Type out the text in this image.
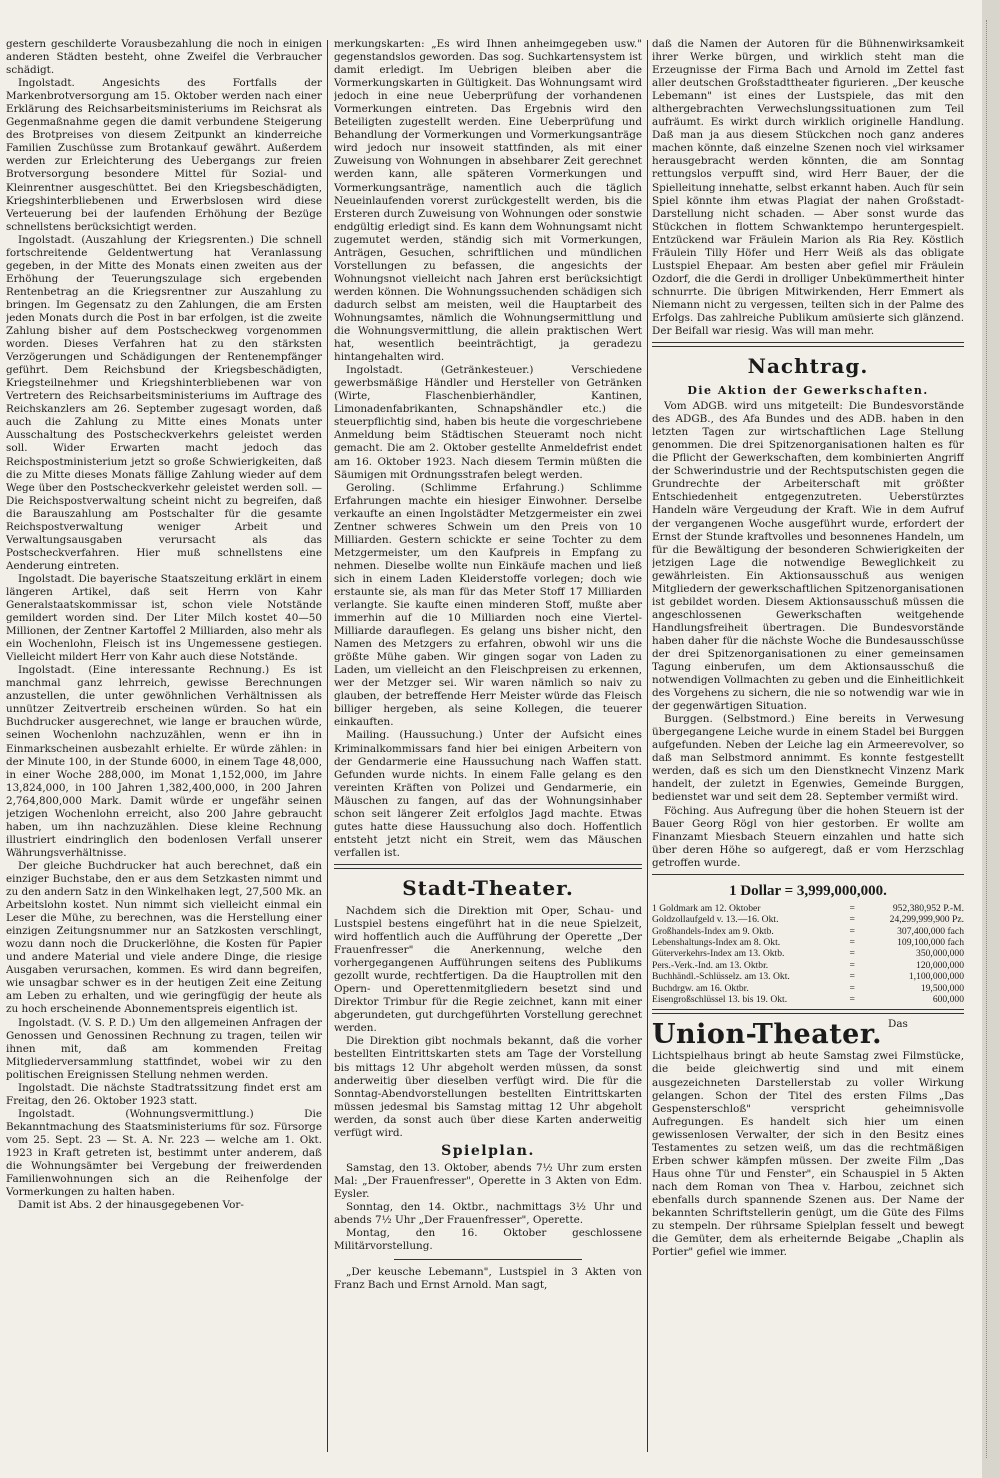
gestern geschilderte Vorausbezahlung die noch in einigen anderen Städten besteht, ohne Zweifel die Verbraucher schädigt.

Ingolstadt. Angesichts des Fortfalls der Markenbrotversorgung am 15. Oktober werden nach einer Erklärung des Reichsarbeitsministeriums im Reichsrat als Gegenmaßnahme gegen die damit verbundene Steigerung des Brotpreises von diesem Zeitpunkt an kinderreiche Familien Zuschüsse zum Brotankauf gewährt. Außerdem werden zur Erleichterung des Uebergangs zur freien Brotversorgung besondere Mittel für Sozial- und Kleinrentner ausgeschüttet. Bei den Kriegsbeschädigten, Kriegshinterbliebenen und Erwerbslosen wird diese Verteuerung bei der laufenden Erhöhung der Bezüge schnellstens berücksichtigt werden.

Ingolstadt. (Auszahlung der Kriegsrenten.) Die schnell fortschreitende Geldentwertung hat Veranlassung gegeben, in der Mitte des Monats einen zweiten aus der Erhöhung der Teuerungszulage sich ergebenden Rentenbetrag an die Kriegsrentner zur Auszahlung zu bringen. Im Gegensatz zu den Zahlungen, die am Ersten jeden Monats durch die Post in bar erfolgen, ist die zweite Zahlung bisher auf dem Postscheckweg vorgenommen worden. Dieses Verfahren hat zu den stärksten Verzögerungen und Schädigungen der Rentenempfänger geführt. Dem Reichsbund der Kriegsbeschädigten, Kriegsteilnehmer und Kriegshinterbliebenen war von Vertretern des Reichsarbeitsministeriums im Auftrage des Reichskanzlers am 26. September zugesagt worden, daß auch die Zahlung zu Mitte eines Monats unter Ausschaltung des Postscheckverkehrs geleistet werden soll. Wider Erwarten macht jedoch das Reichspostministerium jetzt so große Schwierigkeiten, daß die zu Mitte dieses Monats fällige Zahlung wieder auf dem Wege über den Postscheckverkehr geleistet werden soll. — Die Reichspostverwaltung scheint nicht zu begreifen, daß die Barauszahlung am Postschalter für die gesamte Reichspostverwaltung weniger Arbeit und Verwaltungsausgaben verursacht als das Postscheckverfahren. Hier muß schnellstens eine Aenderung eintreten.

Ingolstadt. Die bayerische Staatszeitung erklärt in einem längeren Artikel, daß seit Herrn von Kahr Generalstaatskommissar ist, schon viele Notstände gemildert worden sind. Der Liter Milch kostet 40—50 Millionen, der Zentner Kartoffel 2 Milliarden, also mehr als ein Wochenlohn, Fleisch ist ins Ungemessene gestiegen. Vielleicht mildert Herr von Kahr auch diese Notstände.

Ingolstadt. (Eine interessante Rechnung.) Es ist manchmal ganz lehrreich, gewisse Berechnungen anzustellen, die unter gewöhnlichen Verhältnissen als unnützer Zeitvertreib erscheinen würden. So hat ein Buchdrucker ausgerechnet, wie lange er brauchen würde, seinen Wochenlohn nachzuzählen, wenn er ihn in Einmarkscheinen ausbezahlt erhielte. Er würde zählen: in der Minute 100, in der Stunde 6000, in einem Tage 48,000, in einer Woche 288,000, im Monat 1,152,000, im Jahre 13,824,000, in 100 Jahren 1,382,400,000, in 200 Jahren 2,764,800,000 Mark. Damit würde er ungefähr seinen jetzigen Wochenlohn erreicht, also 200 Jahre gebraucht haben, um ihn nachzuzählen. Diese kleine Rechnung illustriert eindringlich den bodenlosen Verfall unserer Währungsverhältnisse.

Der gleiche Buchdrucker hat auch berechnet, daß ein einziger Buchstabe, den er aus dem Setzkasten nimmt und zu den andern Satz in den Winkelhaken legt, 27,500 Mk. an Arbeitslohn kostet. Nun nimmt sich vielleicht einmal ein Leser die Mühe, zu berechnen, was die Herstellung einer einzigen Zeitungsnummer nur an Satzkosten verschlingt, wozu dann noch die Druckerlöhne, die Kosten für Papier und andere Material und viele andere Dinge, die riesige Ausgaben verursachen, kommen. Es wird dann begreifen, wie unsagbar schwer es in der heutigen Zeit eine Zeitung am Leben zu erhalten, und wie geringfügig der heute als zu hoch erscheinende Abonnementspreis eigentlich ist.

Ingolstadt. (V. S. P. D.) Um den allgemeinen Anfragen der Genossen und Genossinen Rechnung zu tragen, teilen wir ihnen mit, daß am kommenden Freitag Mitgliederversammlung stattfindet, wobei wir zu den politischen Ereignissen Stellung nehmen werden.

Ingolstadt. Die nächste Stadtratssitzung findet erst am Freitag, den 26. Oktober 1923 statt.

Ingolstadt. (Wohnungsvermittlung.) Die Bekanntmachung des Staatsministeriums für soz. Fürsorge vom 25. Sept. 23 — St. A. Nr. 223 — welche am 1. Okt. 1923 in Kraft getreten ist, bestimmt unter anderem, daß die Wohnungsämter bei Vergebung der freiwerdenden Familienwohnungen sich an die Reihenfolge der Vormerkungen zu halten haben.

Damit ist Abs. 2 der hinausgegebenen Vor-

merkungskarten: „Es wird Ihnen anheimgegeben usw." gegenstandslos geworden. Das sog. Suchkartensystem ist damit erledigt. Im Uebrigen bleiben aber die Vormerkungskarten in Gültigkeit. Das Wohnungsamt wird jedoch in eine neue Ueberprüfung der vorhandenen Vormerkungen eintreten. Das Ergebnis wird den Beteiligten zugestellt werden. Eine Ueberprüfung und Behandlung der Vormerkungen und Vormerkungsanträge wird jedoch nur insoweit stattfinden, als mit einer Zuweisung von Wohnungen in absehbarer Zeit gerechnet werden kann, alle späteren Vormerkungen und Vormerkungsanträge, namentlich auch die täglich Neueinlaufenden vorerst zurückgestellt werden, bis die Ersteren durch Zuweisung von Wohnungen oder sonstwie endgültig erledigt sind. Es kann dem Wohnungsamt nicht zugemutet werden, ständig sich mit Vormerkungen, Anträgen, Gesuchen, schriftlichen und mündlichen Vorstellungen zu befassen, die angesichts der Wohnungsnot vielleicht nach Jahren erst berücksichtigt werden können. Die Wohnungssuchenden schädigen sich dadurch selbst am meisten, weil die Hauptarbeit des Wohnungsamtes, nämlich die Wohnungsermittlung und die Wohnungsvermittlung, die allein praktischen Wert hat, wesentlich beeinträchtigt, ja geradezu hintangehalten wird.

Ingolstadt. (Getränkesteuer.) Verschiedene gewerbsmäßige Händler und Hersteller von Getränken (Wirte, Flaschenbierhändler, Kantinen, Limonadenfabrikanten, Schnapshändler etc.) die steuerpflichtig sind, haben bis heute die vorgeschriebene Anmeldung beim Städtischen Steueramt noch nicht gemacht. Die am 2. Oktober gestellte Anmeldefrist endet am 16. Oktober 1923. Nach diesem Termin müßten die Säumigen mit Ordnungsstrafen belegt werden.

Geroling. (Schlimme Erfahrung.) Schlimme Erfahrungen machte ein hiesiger Einwohner. Derselbe verkaufte an einen Ingolstädter Metzgermeister ein zwei Zentner schweres Schwein um den Preis von 10 Milliarden. Gestern schickte er seine Tochter zu dem Metzgermeister, um den Kaufpreis in Empfang zu nehmen. Dieselbe wollte nun Einkäufe machen und ließ sich in einem Laden Kleiderstoffe vorlegen; doch wie erstaunte sie, als man für das Meter Stoff 17 Milliarden verlangte. Sie kaufte einen minderen Stoff, mußte aber immerhin auf die 10 Milliarden noch eine Viertel-Milliarde darauflegen. Es gelang uns bisher nicht, den Namen des Metzgers zu erfahren, obwohl wir uns die größte Mühe gaben. Wir gingen sogar von Laden zu Laden, um vielleicht an den Fleischpreisen zu erkennen, wer der Metzger sei. Wir waren nämlich so naiv zu glauben, der betreffende Herr Meister würde das Fleisch billiger hergeben, als seine Kollegen, die teuerer einkauften.

Mailing. (Haussuchung.) Unter der Aufsicht eines Kriminalkommissars fand hier bei einigen Arbeitern von der Gendarmerie eine Haussuchung nach Waffen statt. Gefunden wurde nichts. In einem Falle gelang es den vereinten Kräften von Polizei und Gendarmerie, ein Mäuschen zu fangen, auf das der Wohnungsinhaber schon seit längerer Zeit erfolglos Jagd machte. Etwas gutes hatte diese Haussuchung also doch. Hoffentlich entsteht jetzt nicht ein Streit, wem das Mäuschen verfallen ist.

Stadt-Theater.

Nachdem sich die Direktion mit Oper, Schau- und Lustspiel bestens eingeführt hat in die neue Spielzeit, wird hoffentlich auch die Aufführung der Operette „Der Frauenfresser" die Anerkennung, welche den vorhergegangenen Aufführungen seitens des Publikums gezollt wurde, rechtfertigen. Da die Hauptrollen mit den Opern- und Operettenmitgliedern besetzt sind und Direktor Trimbur für die Regie zeichnet, kann mit einer abgerundeten, gut durchgeführten Vorstellung gerechnet werden.

Die Direktion gibt nochmals bekannt, daß die vorher bestellten Eintrittskarten stets am Tage der Vorstellung bis mittags 12 Uhr abgeholt werden müssen, da sonst anderweitig über dieselben verfügt wird. Die für die Sonntag-Abendvorstellungen bestellten Eintrittskarten müssen jedesmal bis Samstag mittag 12 Uhr abgeholt werden, da sonst auch über diese Karten anderweitig verfügt wird.

Spielplan.

Samstag, den 13. Oktober, abends 7½ Uhr zum ersten Mal: „Der Frauenfresser", Operette in 3 Akten von Edm. Eysler.

Sonntag, den 14. Oktbr., nachmittags 3½ Uhr und abends 7½ Uhr „Der Frauenfresser", Operette.

Montag, den 16. Oktober geschlossene Militärvorstellung.

„Der keusche Lebemann", Lustspiel in 3 Akten von Franz Bach und Ernst Arnold. Man sagt,

daß die Namen der Autoren für die Bühnenwirksamkeit ihrer Werke bürgen, und wirklich steht man die Erzeugnisse der Firma Bach und Arnold im Zettel fast aller deutschen Großstadttheater figurieren. „Der keusche Lebemann" ist eines der Lustspiele, das mit den althergebrachten Verwechslungssituationen zum Teil aufräumt. Es wirkt durch wirklich originelle Handlung. Daß man ja aus diesem Stückchen noch ganz anderes machen könnte, daß einzelne Szenen noch viel wirksamer herausgebracht werden könnten, die am Sonntag rettungslos verpufft sind, wird Herr Bauer, der die Spielleitung innehatte, selbst erkannt haben. Auch für sein Spiel könnte ihm etwas Plagiat der nahen Großstadt-Darstellung nicht schaden. — Aber sonst wurde das Stückchen in flottem Schwanktempo heruntergespielt. Entzückend war Fräulein Marion als Ria Rey. Köstlich Fräulein Tilly Höfer und Herr Weiß als das obligate Lustspiel Ehepaar. Am besten aber gefiel mir Fräulein Ozdorf, die die Gerdi in drolliger Unbekümmertheit hinter schnurrte. Die übrigen Mitwirkenden, Herr Emmert als Niemann nicht zu vergessen, teilten sich in der Palme des Erfolgs. Das zahlreiche Publikum amüsierte sich glänzend. Der Beifall war riesig. Was will man mehr.

Nachtrag.
Die Aktion der Gewerkschaften.

Vom ADGB. wird uns mitgeteilt: Die Bundesvorstände des ADGB., des Afa Bundes und des ADB. haben in den letzten Tagen zur wirtschaftlichen Lage Stellung genommen. Die drei Spitzenorganisationen halten es für die Pflicht der Gewerkschaften, dem kombinierten Angriff der Schwerindustrie und der Rechtsputschisten gegen die Grundrechte der Arbeiterschaft mit größter Entschiedenheit entgegenzutreten. Ueberstürztes Handeln wäre Vergeudung der Kraft. Wie in dem Aufruf der vergangenen Woche ausgeführt wurde, erfordert der Ernst der Stunde kraftvolles und besonnenes Handeln, um für die Bewältigung der besonderen Schwierigkeiten der jetzigen Lage die notwendige Beweglichkeit zu gewährleisten. Ein Aktionsausschuß aus wenigen Mitgliedern der gewerkschaftlichen Spitzenorganisationen ist gebildet worden. Diesem Aktionsausschuß müssen die angeschlossenen Gewerkschaften weitgehende Handlungsfreiheit übertragen. Die Bundesvorstände haben daher für die nächste Woche die Bundesausschüsse der drei Spitzenorganisationen zu einer gemeinsamen Tagung einberufen, um dem Aktionsausschuß die notwendigen Vollmachten zu geben und die Einheitlichkeit des Vorgehens zu sichern, die nie so notwendig war wie in der gegenwärtigen Situation.

Burggen. (Selbstmord.) Eine bereits in Verwesung übergegangene Leiche wurde in einem Stadel bei Burggen aufgefunden. Neben der Leiche lag ein Armeerevolver, so daß man Selbstmord annimmt. Es konnte festgestellt werden, daß es sich um den Dienstknecht Vinzenz Mark handelt, der zuletzt in Egenwies, Gemeinde Burggen, bedienstet war und seit dem 28. September vermißt wird.

Föching. Aus Aufregung über die hohen Steuern ist der Bauer Georg Rögl von hier gestorben. Er wollte am Finanzamt Miesbach Steuern einzahlen und hatte sich über deren Höhe so aufgeregt, daß er vom Herzschlag getroffen wurde.

1 Dollar = 3,999,000,000.
1 Goldmark am 12. Oktober	=	952,380,952 P.-M.
Goldzollaufgeld v. 13.—16. Okt.	=	24,299,999,900 Pz.
Großhandels-Index am 9. Oktb.	=	307,400,000 fach
Lebenshaltungs-Index am 8. Okt.	=	109,100,000 fach
Güterverkehrs-Index am 13. Oktb.	=	350,000,000
Pers.-Verk.-Ind. am 13. Oktbr.	=	120,000,000
Buchhändl.-Schlüsselz. am 13. Okt.	=	1,100,000,000
Buchdrgw. am 16. Oktbr.	=	19,500,000
Eisengroßschlüssel 13. bis 19. Okt.	=	600,000
Union-Theater. Das Lichtspielhaus bringt ab heute Samstag zwei Filmstücke, die beide gleichwertig sind und mit einem ausgezeichneten Darstellerstab zu voller Wirkung gelangen. Schon der Titel des ersten Films „Das Gespensterschloß" verspricht geheimnisvolle Aufregungen. Es handelt sich hier um einen gewissenlosen Verwalter, der sich in den Besitz eines Testamentes zu setzen weiß, um das die rechtmäßigen Erben schwer kämpfen müssen. Der zweite Film „Das Haus ohne Tür und Fenster", ein Schauspiel in 5 Akten nach dem Roman von Thea v. Harbou, zeichnet sich ebenfalls durch spannende Szenen aus. Der Name der bekannten Schriftstellerin genügt, um die Güte des Films zu stempeln. Der rührsame Spielplan fesselt und bewegt die Gemüter, dem als erheiternde Beigabe „Chaplin als Portier" gefiel wie immer.
